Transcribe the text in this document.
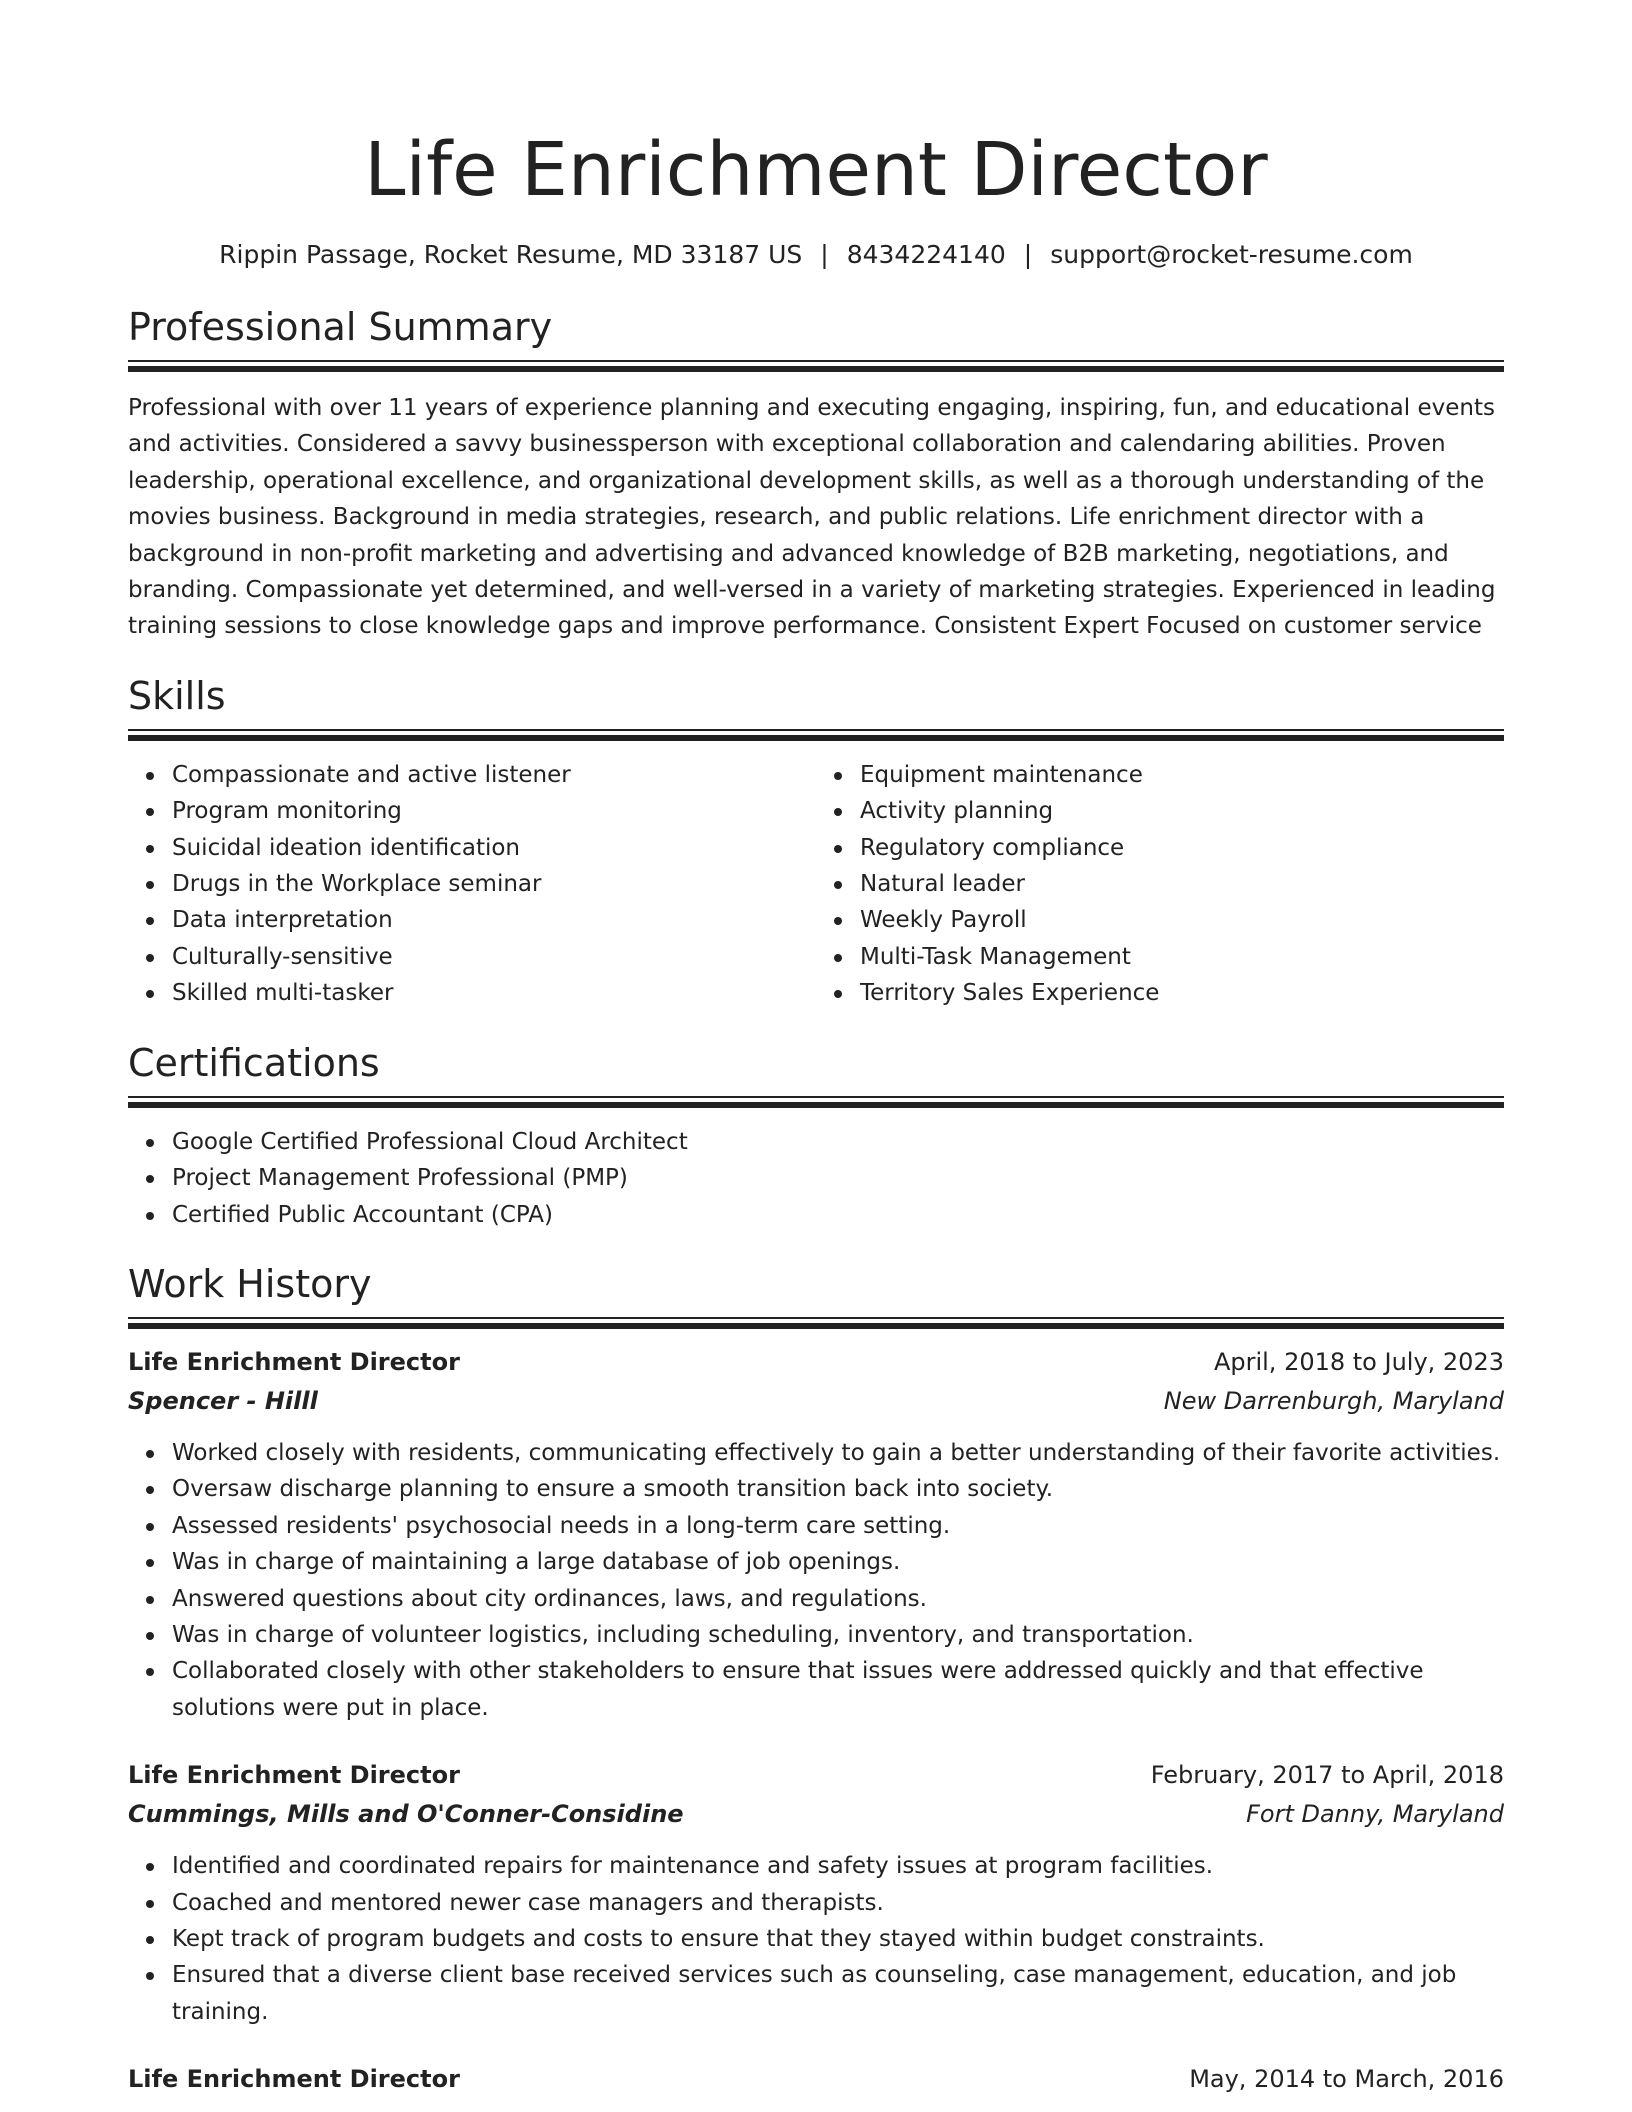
Life Enrichment Director
Rippin Passage, Rocket Resume, MD 33187 US | 8434224140 | support@rocket-resume.com
Professional Summary
Professional with over 11 years of experience planning and executing engaging, inspiring, fun, and educational events and activities. Considered a savvy businessperson with exceptional collaboration and calendaring abilities. Proven leadership, operational excellence, and organizational development skills, as well as a thorough understanding of the movies business. Background in media strategies, research, and public relations. Life enrichment director with a background in non-profit marketing and advertising and advanced knowledge of B2B marketing, negotiations, and branding. Compassionate yet determined, and well-versed in a variety of marketing strategies. Experienced in leading training sessions to close knowledge gaps and improve performance. Consistent Expert Focused on customer service
Skills
Compassionate and active listener
Program monitoring
Suicidal ideation identification
Drugs in the Workplace seminar
Data interpretation
Culturally-sensitive
Skilled multi-tasker
Equipment maintenance
Activity planning
Regulatory compliance
Natural leader
Weekly Payroll
Multi-Task Management
Territory Sales Experience
Certifications
Google Certified Professional Cloud Architect
Project Management Professional (PMP)
Certified Public Accountant (CPA)
Work History
Life Enrichment Director	April, 2018 to July, 2023
Spencer - Hilll	New Darrenburgh, Maryland
Worked closely with residents, communicating effectively to gain a better understanding of their favorite activities.
Oversaw discharge planning to ensure a smooth transition back into society.
Assessed residents' psychosocial needs in a long-term care setting.
Was in charge of maintaining a large database of job openings.
Answered questions about city ordinances, laws, and regulations.
Was in charge of volunteer logistics, including scheduling, inventory, and transportation.
Collaborated closely with other stakeholders to ensure that issues were addressed quickly and that effective solutions were put in place.
Life Enrichment Director	February, 2017 to April, 2018
Cummings, Mills and O'Conner-Considine	Fort Danny, Maryland
Identified and coordinated repairs for maintenance and safety issues at program facilities.
Coached and mentored newer case managers and therapists.
Kept track of program budgets and costs to ensure that they stayed within budget constraints.
Ensured that a diverse client base received services such as counseling, case management, education, and job training.
Life Enrichment Director	May, 2014 to March, 2016
